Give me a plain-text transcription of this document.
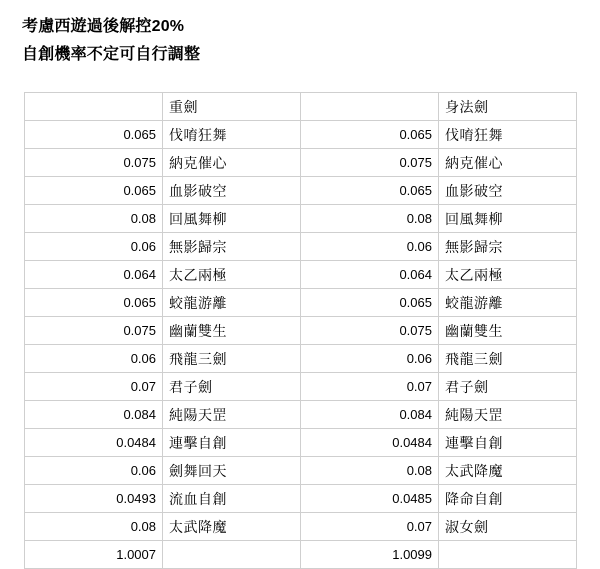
考慮西遊過後解控20%
自創機率不定可自行調整
	重劍		身法劍
0.065	伐唷狂舞	0.065	伐唷狂舞
0.075	納克催心	0.075	納克催心
0.065	血影破空	0.065	血影破空
0.08	回風舞柳	0.08	回風舞柳
0.06	無影歸宗	0.06	無影歸宗
0.064	太乙兩極	0.064	太乙兩極
0.065	蛟龍游離	0.065	蛟龍游離
0.075	幽蘭雙生	0.075	幽蘭雙生
0.06	飛龍三劍	0.06	飛龍三劍
0.07	君子劍	0.07	君子劍
0.084	純陽天罡	0.084	純陽天罡
0.0484	連擊自創	0.0484	連擊自創
0.06	劍舞回天	0.08	太武降魔
0.0493	流血自創	0.0485	降命自創
0.08	太武降魔	0.07	淑女劍
1.0007		1.0099	
